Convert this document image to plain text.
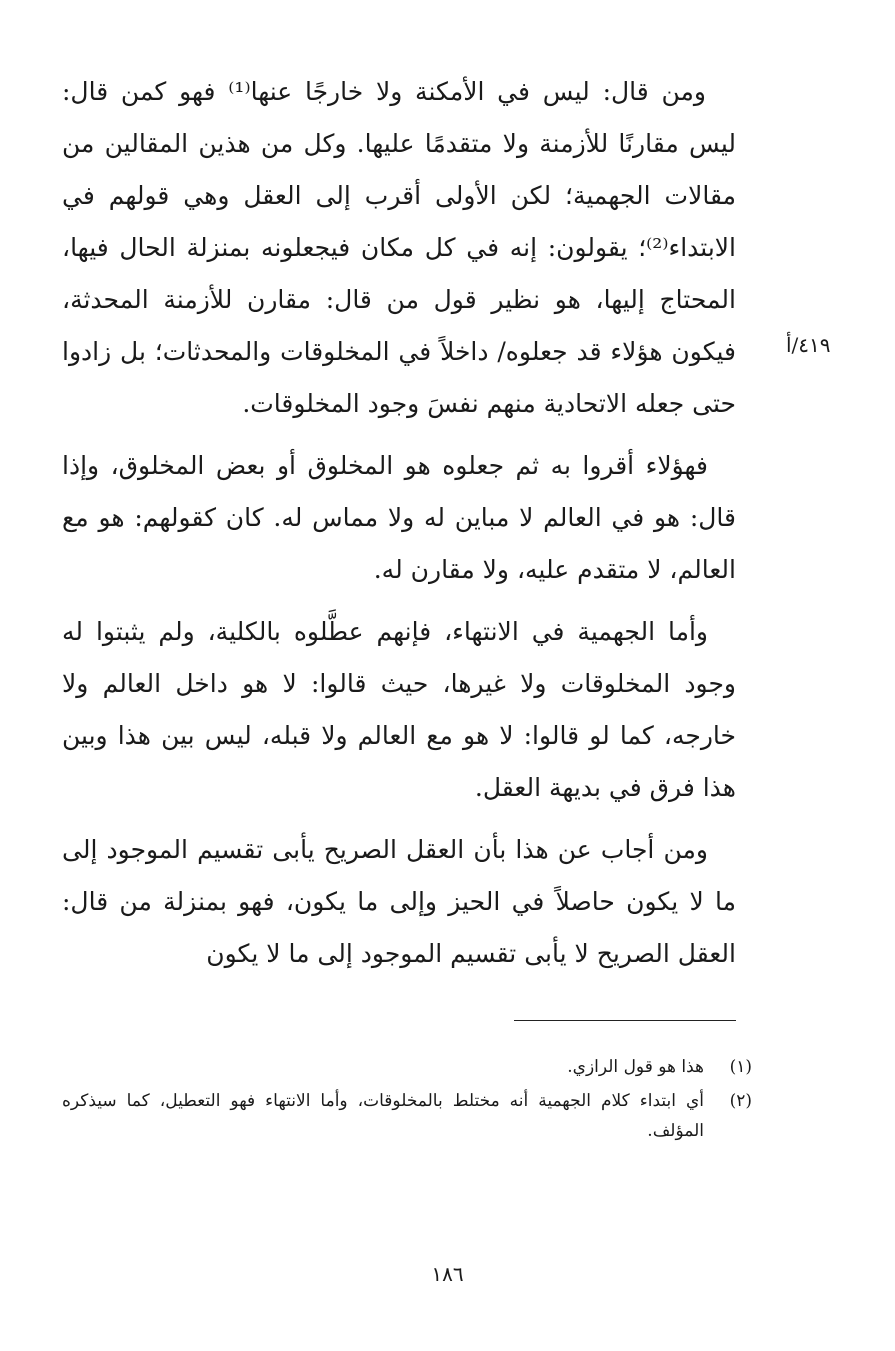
ومن قال: ليس في الأمكنة ولا خارجًا عنها⁽¹⁾ فهو كمن قال: ليس مقارنًا للأزمنة ولا متقدمًا عليها. وكل من هذين المقالين من مقالات الجهمية؛ لكن الأولى أقرب إلى العقل وهي قولهم في الابتداء⁽²⁾؛ يقولون: إنه في كل مكان فيجعلونه بمنزلة الحال فيها، المحتاج إليها، هو نظير قول من قال: مقارن للأزمنة المحدثة، فيكون هؤلاء قد جعلوه/ داخلاً في المخلوقات والمحدثات؛ بل زادوا حتى جعله الاتحادية منهم نفسَ وجود المخلوقات.

فهؤلاء أقروا به ثم جعلوه هو المخلوق أو بعض المخلوق، وإذا قال: هو في العالم لا مباين له ولا مماس له. كان كقولهم: هو مع العالم، لا متقدم عليه، ولا مقارن له.

وأما الجهمية في الانتهاء، فإنهم عطَّلوه بالكلية، ولم يثبتوا له وجود المخلوقات ولا غيرها، حيث قالوا: لا هو داخل العالم ولا خارجه، كما لو قالوا: لا هو مع العالم ولا قبله، ليس بين هذا وبين هذا فرق في بديهة العقل.

ومن أجاب عن هذا بأن العقل الصريح يأبى تقسيم الموجود إلى ما لا يكون حاصلاً في الحيز وإلى ما يكون، فهو بمنزلة من قال: العقل الصريح لا يأبى تقسيم الموجود إلى ما لا يكون

٤١٩/أ
(١)
هذا هو قول الرازي.
(٢)
أي ابتداء كلام الجهمية أنه مختلط بالمخلوقات، وأما الانتهاء فهو التعطيل، كما سيذكره المؤلف.
١٨٦
